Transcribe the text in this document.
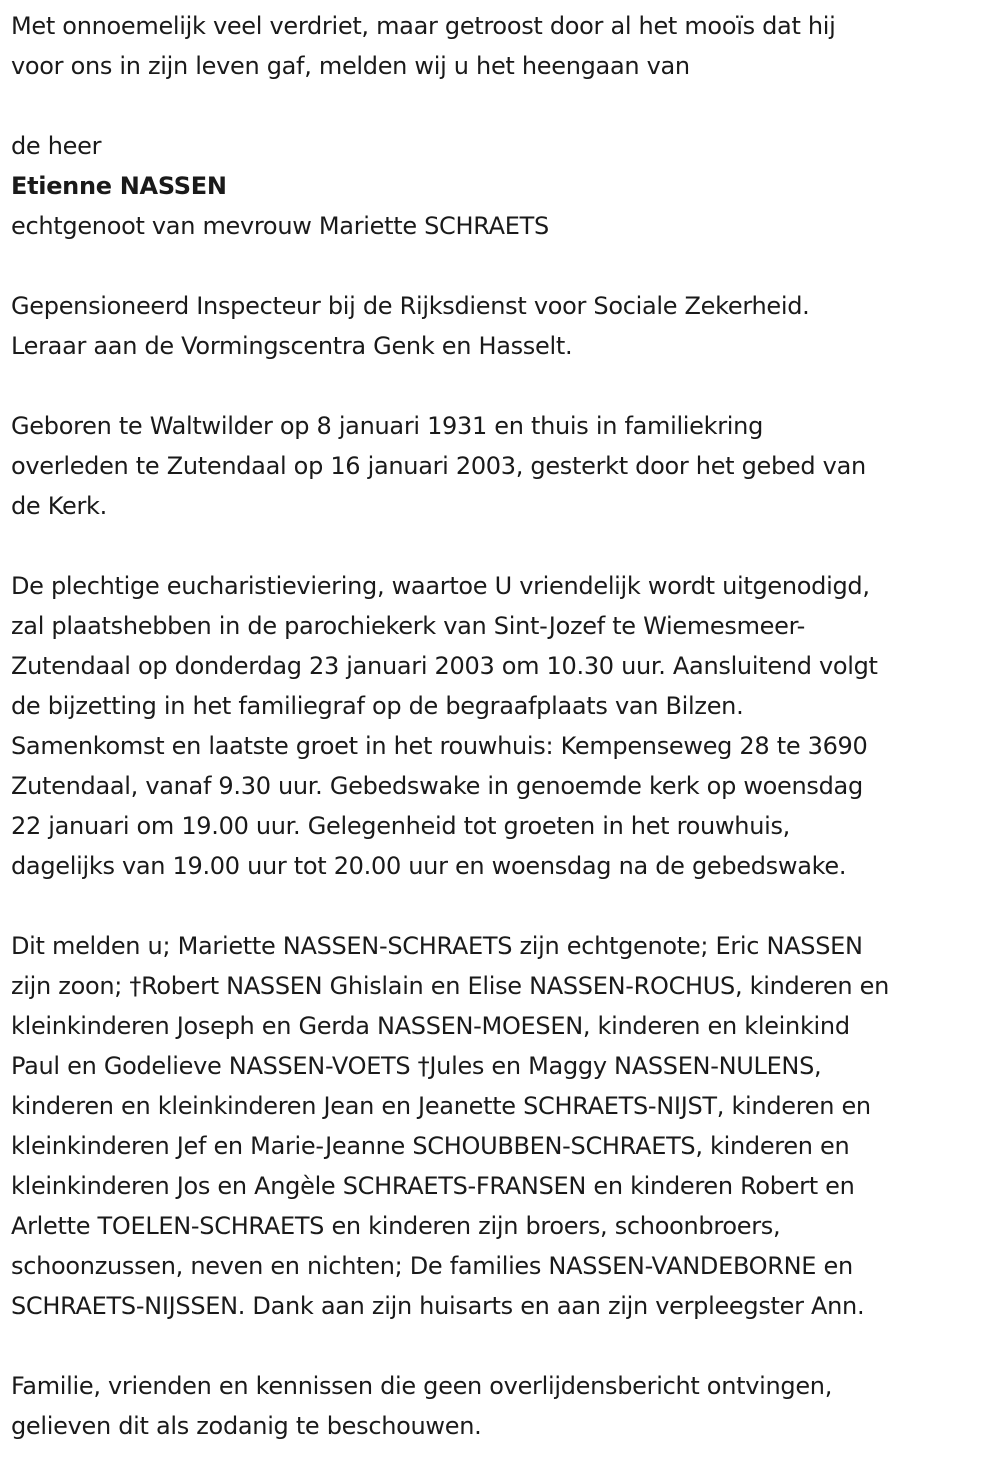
Met onnoemelijk veel verdriet, maar getroost door al het mooïs dat hij
voor ons in zijn leven gaf, melden wij u het heengaan van

de heer

Etienne NASSEN

echtgenoot van mevrouw Mariette SCHRAETS

Gepensioneerd Inspecteur bij de Rijksdienst voor Sociale Zekerheid.
Leraar aan de Vormingscentra Genk en Hasselt.

Geboren te Waltwilder op 8 januari 1931 en thuis in familiekring
overleden te Zutendaal op 16 januari 2003, gesterkt door het gebed van
de Kerk.

De plechtige eucharistieviering, waartoe U vriendelijk wordt uitgenodigd,
zal plaatshebben in de parochiekerk van Sint-Jozef te Wiemesmeer-
Zutendaal op donderdag 23 januari 2003 om 10.30 uur. Aansluitend volgt
de bijzetting in het familiegraf op de begraafplaats van Bilzen.
Samenkomst en laatste groet in het rouwhuis: Kempenseweg 28 te 3690
Zutendaal, vanaf 9.30 uur. Gebedswake in genoemde kerk op woensdag
22 januari om 19.00 uur. Gelegenheid tot groeten in het rouwhuis,
dagelijks van 19.00 uur tot 20.00 uur en woensdag na de gebedswake.

Dit melden u; Mariette NASSEN-SCHRAETS zijn echtgenote; Eric NASSEN
zijn zoon; †Robert NASSEN Ghislain en Elise NASSEN-ROCHUS, kinderen en
kleinkinderen Joseph en Gerda NASSEN-MOESEN, kinderen en kleinkind
Paul en Godelieve NASSEN-VOETS †Jules en Maggy NASSEN-NULENS,
kinderen en kleinkinderen Jean en Jeanette SCHRAETS-NIJST, kinderen en
kleinkinderen Jef en Marie-Jeanne SCHOUBBEN-SCHRAETS, kinderen en
kleinkinderen Jos en Angèle SCHRAETS-FRANSEN en kinderen Robert en
Arlette TOELEN-SCHRAETS en kinderen zijn broers, schoonbroers,
schoonzussen, neven en nichten; De families NASSEN-VANDEBORNE en
SCHRAETS-NIJSSEN. Dank aan zijn huisarts en aan zijn verpleegster Ann.

Familie, vrienden en kennissen die geen overlijdensbericht ontvingen,
gelieven dit als zodanig te beschouwen.
